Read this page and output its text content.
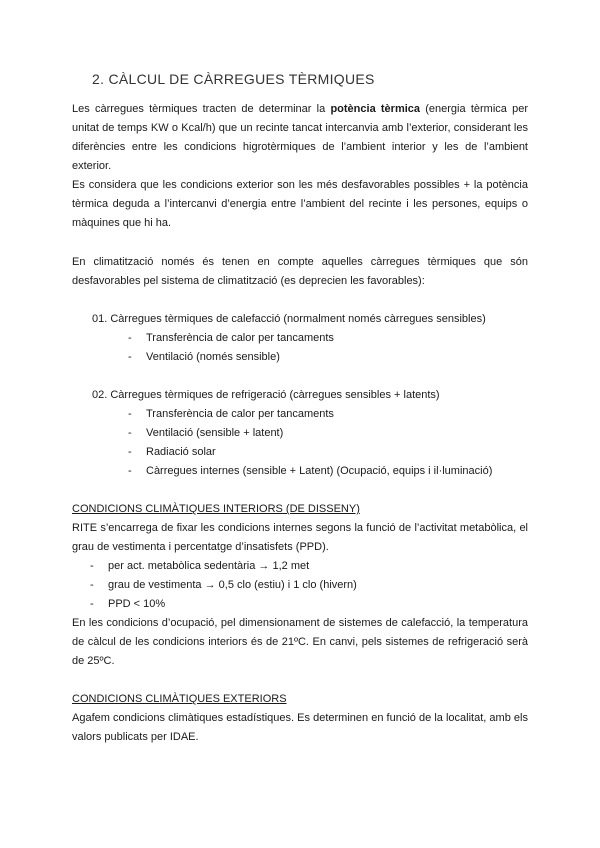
2. CÀLCUL DE CÀRREGUES TÈRMIQUES

Les càrregues tèrmiques tracten de determinar la potència tèrmica (energia tèrmica per unitat de temps KW o Kcal/h) que un recinte tancat intercanvia amb l’exterior, considerant les diferències entre les condicions higrotèrmiques de l’ambient interior y les de l’ambient exterior.

Es considera que les condicions exterior son les més desfavorables possibles + la potència tèrmica deguda a l’intercanvi d’energia entre l’ambient del recinte i les persones, equips o màquines que hi ha.

En climatització només és tenen en compte aquelles càrregues tèrmiques que són desfavorables pel sistema de climatització (es deprecien les favorables):

01. Càrregues tèrmiques de calefacció (normalment només càrregues sensibles)
- Transferència de calor per tancaments
- Ventilació (només sensible)
02. Càrregues tèrmiques de refrigeració (càrregues sensibles + latents)
- Transferència de calor per tancaments
- Ventilació (sensible + latent)
- Radiació solar
- Càrregues internes (sensible + Latent) (Ocupació, equips i il·luminació)
CONDICIONS CLIMÀTIQUES INTERIORS (DE DISSENY)

RITE s’encarrega de fixar les condicions internes segons la funció de l’activitat metabòlica, el grau de vestimenta i percentatge d’insatisfets (PPD).

- per act. metabòlica sedentària → 1,2 met
- grau de vestimenta → 0,5 clo (estiu) i 1 clo (hivern)
- PPD < 10%

En les condicions d’ocupació, pel dimensionament de sistemes de calefacció, la temperatura de càlcul de les condicions interiors és de 21ºC. En canvi, pels sistemes de refrigeració serà de 25ºC.

CONDICIONS CLIMÀTIQUES EXTERIORS

Agafem condicions climàtiques estadístiques. Es determinen en funció de la localitat, amb els valors publicats per IDAE.
